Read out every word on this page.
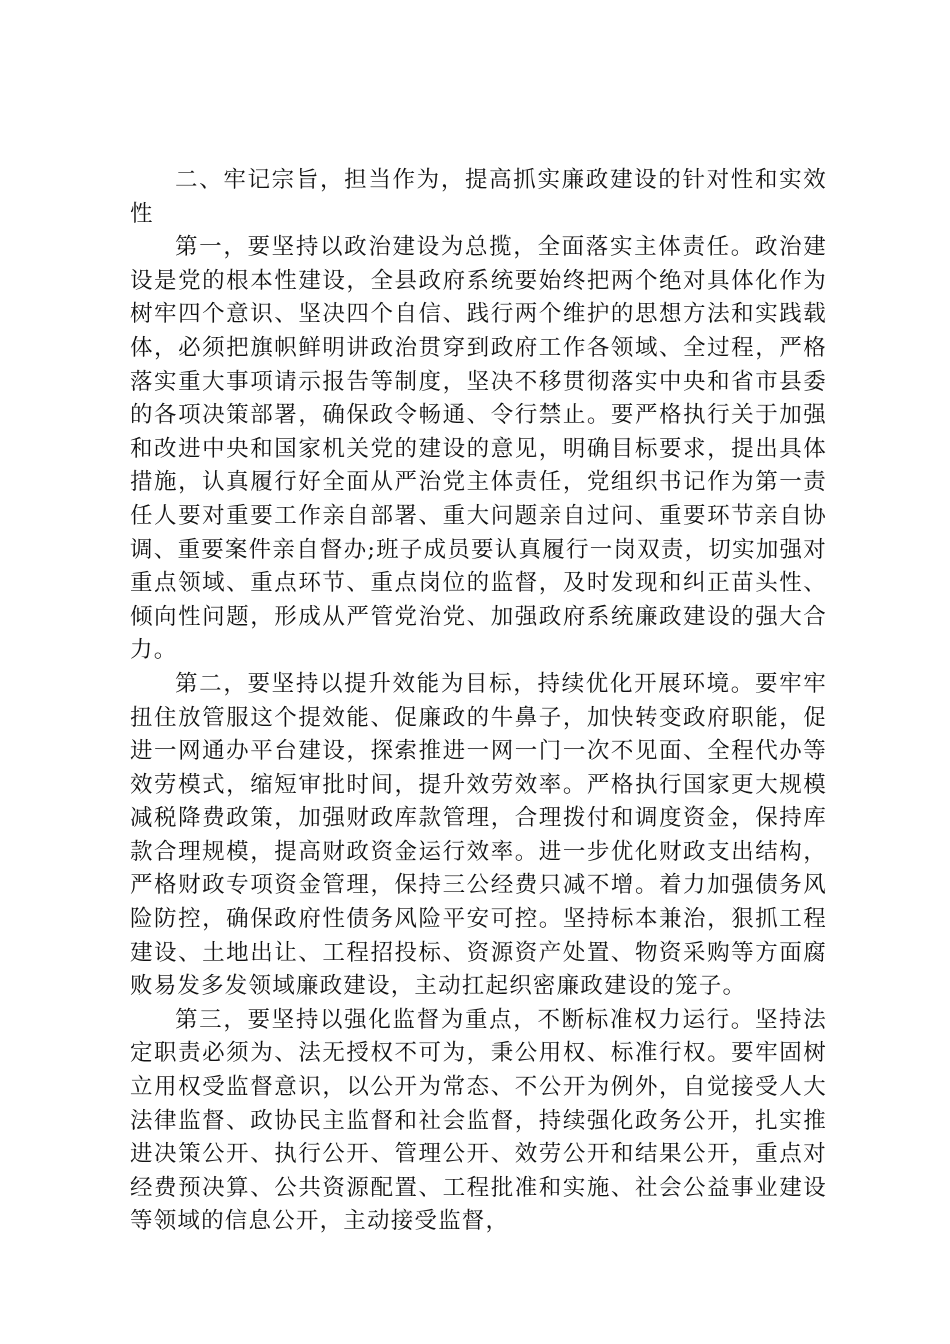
二、牢记宗旨，担当作为，提高抓实廉政建设的针对性和实效性

第一，要坚持以政治建设为总揽，全面落实主体责任。政治建设是党的根本性建设，全县政府系统要始终把两个绝对具体化作为树牢四个意识、坚决四个自信、践行两个维护的思想方法和实践载体，必须把旗帜鲜明讲政治贯穿到政府工作各领域、全过程，严格落实重大事项请示报告等制度，坚决不移贯彻落实中央和省市县委的各项决策部署，确保政令畅通、令行禁止。要严格执行关于加强和改进中央和国家机关党的建设的意见，明确目标要求，提出具体措施，认真履行好全面从严治党主体责任，党组织书记作为第一责任人要对重要工作亲自部署、重大问题亲自过问、重要环节亲自协调、重要案件亲自督办;班子成员要认真履行一岗双责，切实加强对重点领域、重点环节、重点岗位的监督，及时发现和纠正苗头性、倾向性问题，形成从严管党治党、加强政府系统廉政建设的强大合力。

第二，要坚持以提升效能为目标，持续优化开展环境。要牢牢扭住放管服这个提效能、促廉政的牛鼻子，加快转变政府职能，促进一网通办平台建设，探索推进一网一门一次不见面、全程代办等效劳模式，缩短审批时间，提升效劳效率。严格执行国家更大规模减税降费政策，加强财政库款管理，合理拨付和调度资金，保持库款合理规模，提高财政资金运行效率。进一步优化财政支出结构，严格财政专项资金管理，保持三公经费只减不增。着力加强债务风险防控，确保政府性债务风险平安可控。坚持标本兼治，狠抓工程建设、土地出让、工程招投标、资源资产处置、物资采购等方面腐败易发多发领域廉政建设，主动扛起织密廉政建设的笼子。

第三，要坚持以强化监督为重点，不断标准权力运行。坚持法定职责必须为、法无授权不可为，秉公用权、标准行权。要牢固树立用权受监督意识，以公开为常态、不公开为例外，自觉接受人大法律监督、政协民主监督和社会监督，持续强化政务公开，扎实推进决策公开、执行公开、管理公开、效劳公开和结果公开，重点对经费预决算、公共资源配置、工程批准和实施、社会公益事业建设等领域的信息公开，主动接受监督，
